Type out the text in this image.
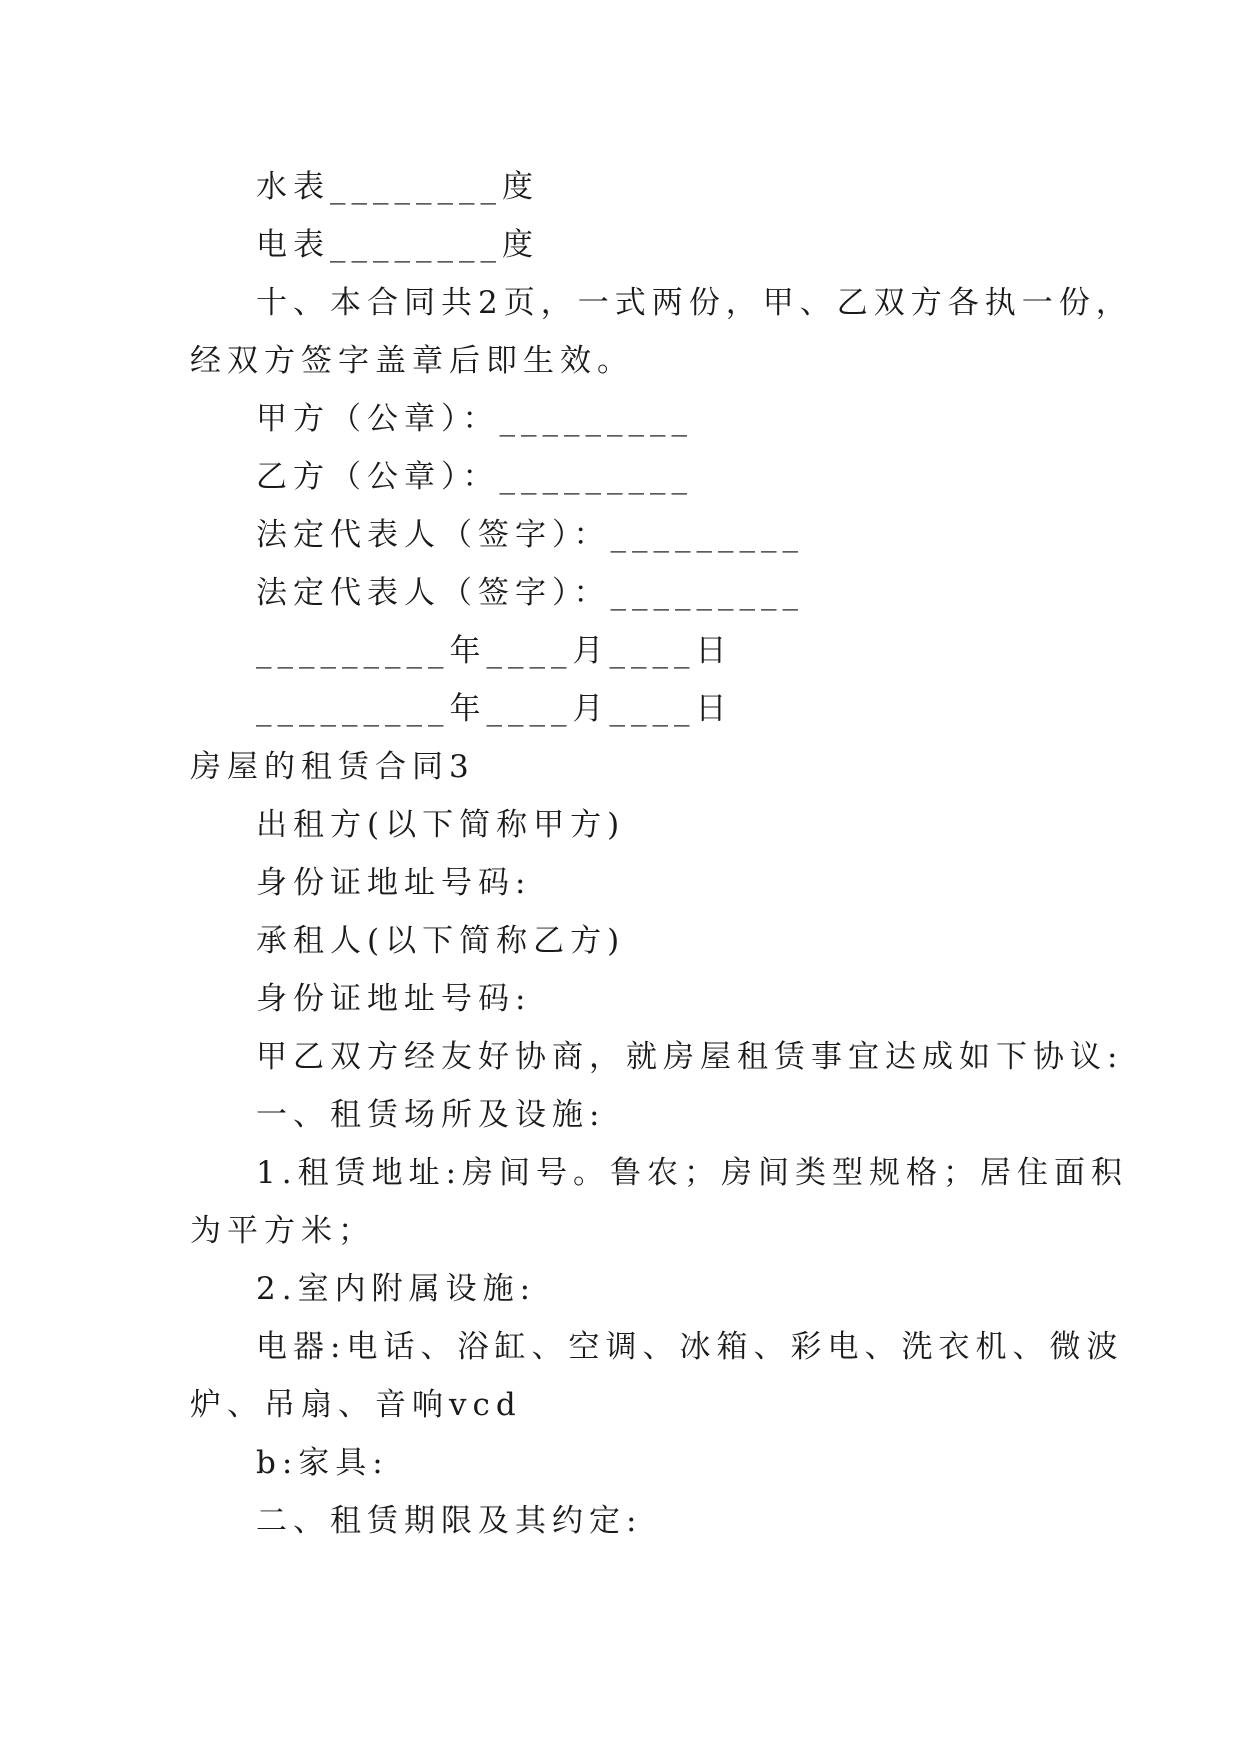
水表________度
电表________度
十、本合同共2页，一式两份，甲、乙双方各执一份，
经双方签字盖章后即生效。
甲方（公章）：_________
乙方（公章）：_________
法定代表人（签字）：_________
法定代表人（签字）：_________
_________年____月____日
_________年____月____日
房屋的租赁合同3
出租方(以下简称甲方)
身份证地址号码:
承租人(以下简称乙方)
身份证地址号码:
甲乙双方经友好协商，就房屋租赁事宜达成如下协议:
一、租赁场所及设施:
1.租赁地址:房间号。鲁农；房间类型规格；居住面积
为平方米；
2.室内附属设施:
电器:电话、浴缸、空调、冰箱、彩电、洗衣机、微波
炉、吊扇、音响vcd
b:家具:
二、租赁期限及其约定:
